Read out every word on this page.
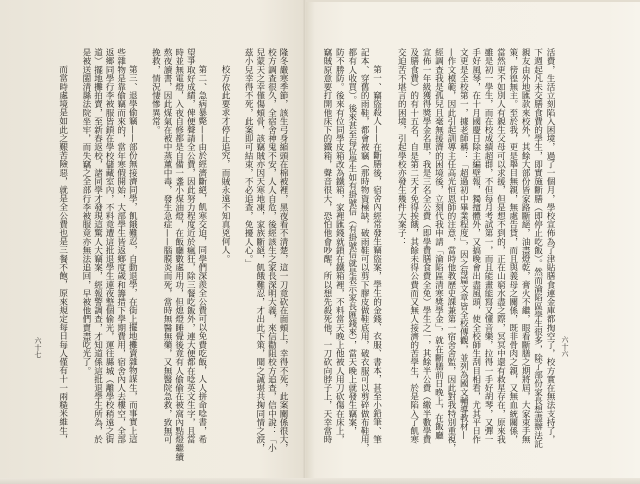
隆冬嚴寒季節，該生弓身縮頭在棉被裡，黑夜看不清楚，這一刀竟砍在面頰上，幸得不死，此案關係很大，
校方調查很久，全宿舍神鬼不安，人人自危，後經該生之家長深明大義，來信勸阻校方追查，信中說：「小
兒蒙天之幸僅傷頰骨，該竊賊亦因天寒地凍，家族斷絕，飢餓難忍，才出此下策，聞之誠堪共掬同情之淚，
茲小兒幸得不死，此案即可結束，不必追查，免擾人心。」
校方依此要求才停止追究，而賊永遠不知真兇何人。
第二、急病暴斃——由於經濟斷絕，飢寒交迫，同學們深羨全公費可以免費吃飯，人人拼命唸書，希
望爭取好成績，俾便聲請全公費，因此努力程度近於瘋狂，除三餐吃飯外，連大便都在唸英文生字，且當
時並無電燈，入夜自修都是自備一盞小煤油燈，在飯廳數處用功，但熄燈睡覺後竟有人偷偷在被窩內點燈繼續
熬夜讀書，因此煤氣在被中蒸薰中毒，發生急症——腦膜炎而死，當時無醫無藥，又無醫院急救，致無可
挽救，情況悽慘異常。
第三、退學偷竊——部份無接濟同學，飢餓難忍，自動退學，在街上擺地攤賣雜物謀生，而事實上這
些雜物是靠偷竊而來的，當年寒假開始，大部學生皆返鄉度歲和籌措下學期費用，宿舍內人去樓空，全部
返鄉同學行李被服皆鎖在學校儲藏室內，不料竟遭這批退學生連夜整個偷光，運往縣城（離學校稍遠之街
道）擺地攤拍賣，至新春返校，諸同學才發現這驚人大竊案，經報警調查，才知道係這批退學生所為，於
是被送閩清縣法院坐牢，而失竊之全部行李被服竟亦無法追回，早被他們賣盡吃光了。
而當時處境是如此之艱苦險惡，就是全公費也是三餐不飽，原來規定每日每人僅有十一兩糙米維生，	活費，生活立刻陷入困境，過了一個月，學校宣佈為了津貼膳食連金庫都掏空了，校方實在無法支持了，
下週起凡未交膳食費的學生，即實施斷膳（即停止吃飯）。然而淪陷區學生很多，除了部份家長想盡辦法託
親友由外地匯款來校外，其餘大部份皆家路斷絕，油盡燈乾，膏火不繼，眼看斷膳之期將屆，大家束手無
策，徬徨無主。至於我，更是舉目無親，無處告貸，而且與義母之關係，既非骨肉之親，又無血統關係，
當然更不如別人有親生父母可以求援，但是想不到的，正在山窮水盡之際，冥冥中還有救星存在，原來我
雖是初一學生，而在校成績超群，不但每月考試第一，而且能畫能寫又懂音樂，拉得一手好胡琴，又彈一
手好風琴，在十月國慶日除主編壁報，獨擅體外，又搞晚會出盡風頭，使全校師生刮目相看，尤其平日作
文更是全校第一，據老師稱：「超過初中畢業程度」，因之每篇文章皆全校傳觀，並列為國文輔導教材—
—作文模範，因此引起訓導主任高光恒恩師的注意，當時他教歷史課兼第一宿舍舍監，因此對我特別重視，
經調查我是孤兒且毫無援濟的困境後，立刻代我申請「淪陷區清寒獎學金」，就在斷膳前日晚上，在飯廳
宣佈一年級獲得獎學金名單，我是三名全公費（即學費膳食費全免）學生之一，其餘半公費（繳半數學費
及膳食費）的有十五名，自是第二天才免得挨餓，其餘未得公費而又無人接濟的苦學生，於是陷入了飢寒
交迫苦不堪言的困境，引起學校亦發生幾件大案子：
第一、竊盜殺人——在斷膳後，宿舍內經常發生竊盜案，學生的金錢、衣服、書本，甚至小鉛筆、筆
記本、穿舊的雨鞋，都會被竊（那時物資極缺，破雨鞋可以剪下膠皮做鞋底用，破衣服可以剪碎做布鞋用，
都有人收買）。後來甚至每位學生如有掛號信（有掛號信就是表示家長匯錢來），當天晚上就發生竊案，
防不勝防。後來有位同學皮箱改為鐵箱，家裡匯錢就鎖在鐵箱裡，不料當天晚上他被人用刀砍傷在床上，
竊賊原意要打開他床下的鐵箱，聲音很大，恐怕他會吵醒，所以想先殺死他，一刀砍向脖子上，天幸當時
六十七	六十六
